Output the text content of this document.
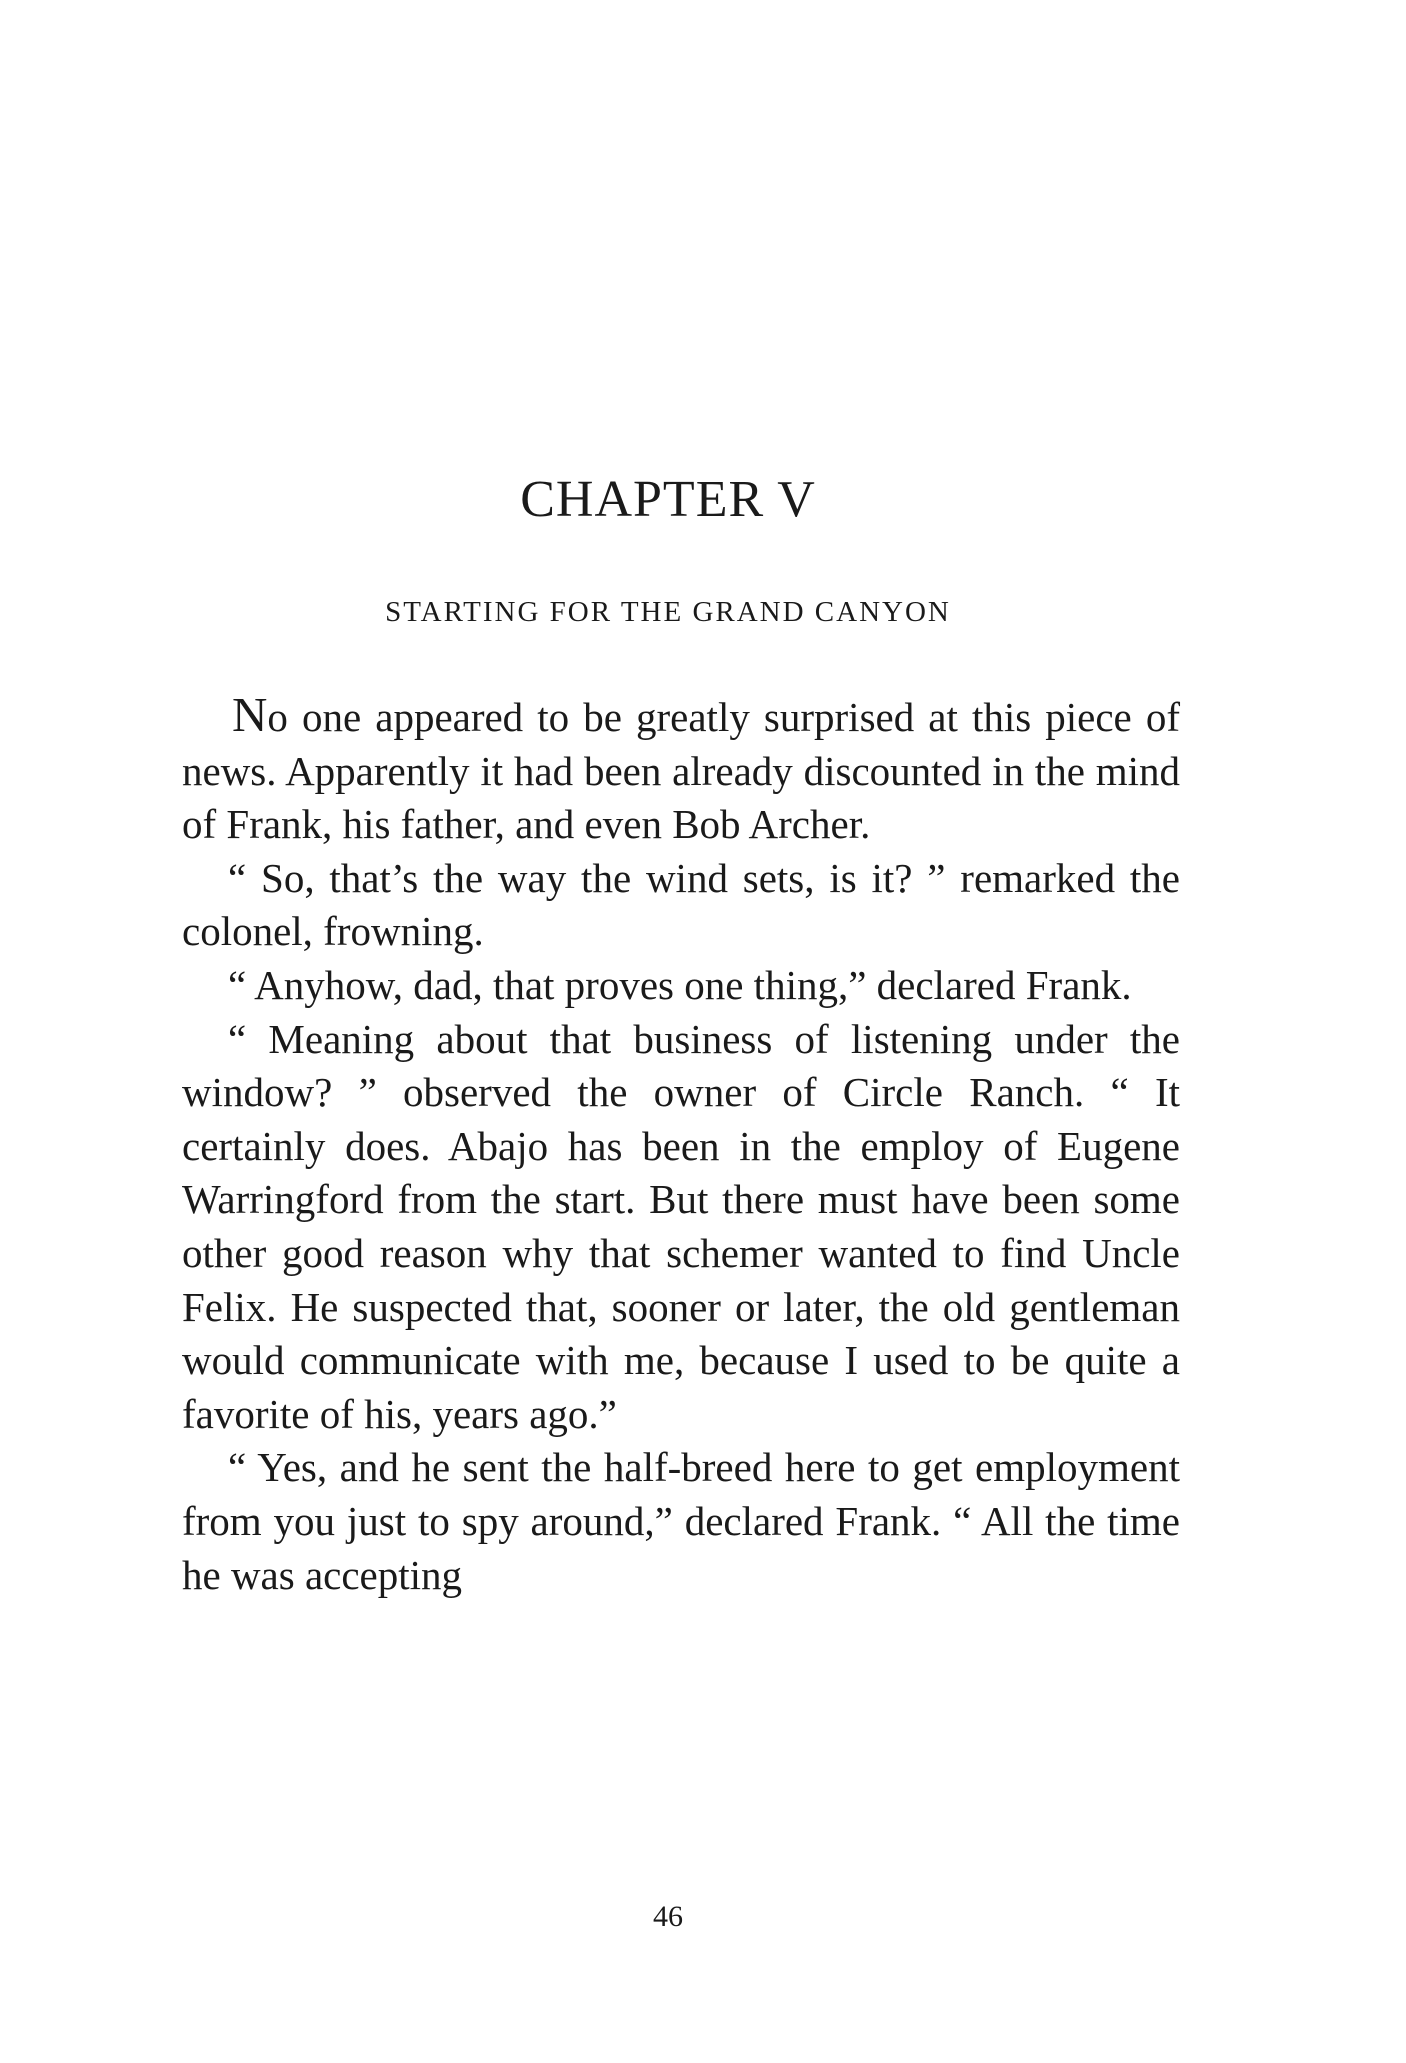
CHAPTER V
STARTING FOR THE GRAND CANYON

No one appeared to be greatly surprised at this piece of news. Apparently it had been already discounted in the mind of Frank, his father, and even Bob Archer.

“ So, that’s the way the wind sets, is it? ” remarked the colonel, frowning.

“ Anyhow, dad, that proves one thing,” declared Frank.

“ Meaning about that business of listening under the window? ” observed the owner of Circle Ranch. “ It certainly does. Abajo has been in the employ of Eugene Warringford from the start. But there must have been some other good reason why that schemer wanted to find Uncle Felix. He suspected that, sooner or later, the old gentleman would communicate with me, because I used to be quite a favorite of his, years ago.”

“ Yes, and he sent the half-breed here to get employment from you just to spy around,” declared Frank. “ All the time he was accepting

46
